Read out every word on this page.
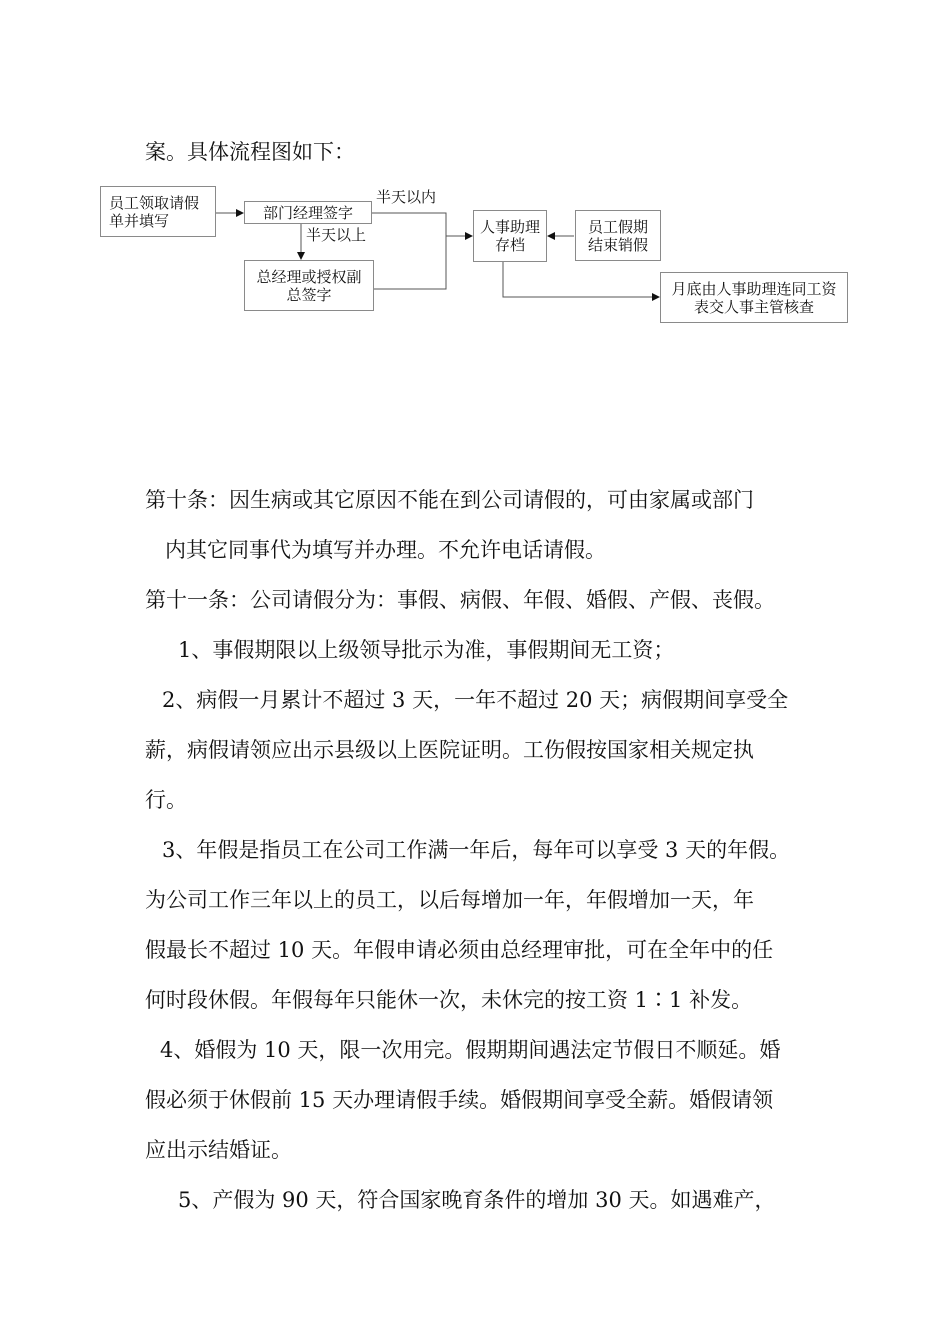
案。具体流程图如下：
员工领取请假单并填写	部门经理签字
半天以内
半天以上
总经理或授权副总签字
人事助理存档
员工假期结束销假
月底由人事助理连同工资表交人事主管核查
第十条：因生病或其它原因不能在到公司请假的，可由家属或部门
内其它同事代为填写并办理。不允许电话请假。
第十一条：公司请假分为：事假、病假、年假、婚假、产假、丧假。
1、事假期限以上级领导批示为准，事假期间无工资；
2、病假一月累计不超过 3 天，一年不超过 20 天；病假期间享受全
薪，病假请领应出示县级以上医院证明。工伤假按国家相关规定执
行。
3、年假是指员工在公司工作满一年后，每年可以享受 3 天的年假。
为公司工作三年以上的员工，以后每增加一年，年假增加一天，年
假最长不超过 10 天。年假申请必须由总经理审批，可在全年中的任
何时段休假。年假每年只能休一次，未休完的按工资 1∶1 补发。
4、婚假为 10 天，限一次用完。假期期间遇法定节假日不顺延。婚
假必须于休假前 15 天办理请假手续。婚假期间享受全薪。婚假请领
应出示结婚证。
5、产假为 90 天，符合国家晚育条件的增加 30 天。如遇难产，
